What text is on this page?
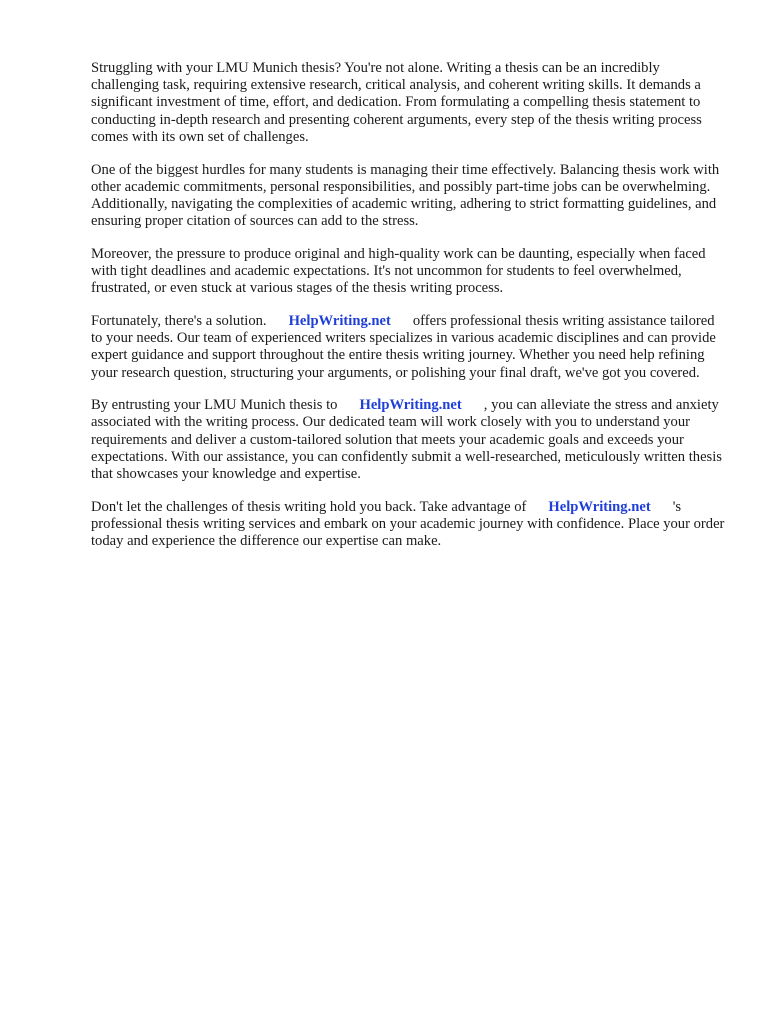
Struggling with your LMU Munich thesis? You're not alone. Writing a thesis can be an incredibly challenging task, requiring extensive research, critical analysis, and coherent writing skills. It demands a significant investment of time, effort, and dedication. From formulating a compelling thesis statement to conducting in-depth research and presenting coherent arguments, every step of the thesis writing process comes with its own set of challenges.

One of the biggest hurdles for many students is managing their time effectively. Balancing thesis work with other academic commitments, personal responsibilities, and possibly part-time jobs can be overwhelming. Additionally, navigating the complexities of academic writing, adhering to strict formatting guidelines, and ensuring proper citation of sources can add to the stress.

Moreover, the pressure to produce original and high-quality work can be daunting, especially when faced with tight deadlines and academic expectations. It's not uncommon for students to feel overwhelmed, frustrated, or even stuck at various stages of the thesis writing process.

Fortunately, there's a solution. HelpWriting.net offers professional thesis writing assistance tailored to your needs. Our team of experienced writers specializes in various academic disciplines and can provide expert guidance and support throughout the entire thesis writing journey. Whether you need help refining your research question, structuring your arguments, or polishing your final draft, we've got you covered.

By entrusting your LMU Munich thesis to HelpWriting.net , you can alleviate the stress and anxiety associated with the writing process. Our dedicated team will work closely with you to understand your requirements and deliver a custom-tailored solution that meets your academic goals and exceeds your expectations. With our assistance, you can confidently submit a well-researched, meticulously written thesis that showcases your knowledge and expertise.

Don't let the challenges of thesis writing hold you back. Take advantage of HelpWriting.net 's professional thesis writing services and embark on your academic journey with confidence. Place your order today and experience the difference our expertise can make.
